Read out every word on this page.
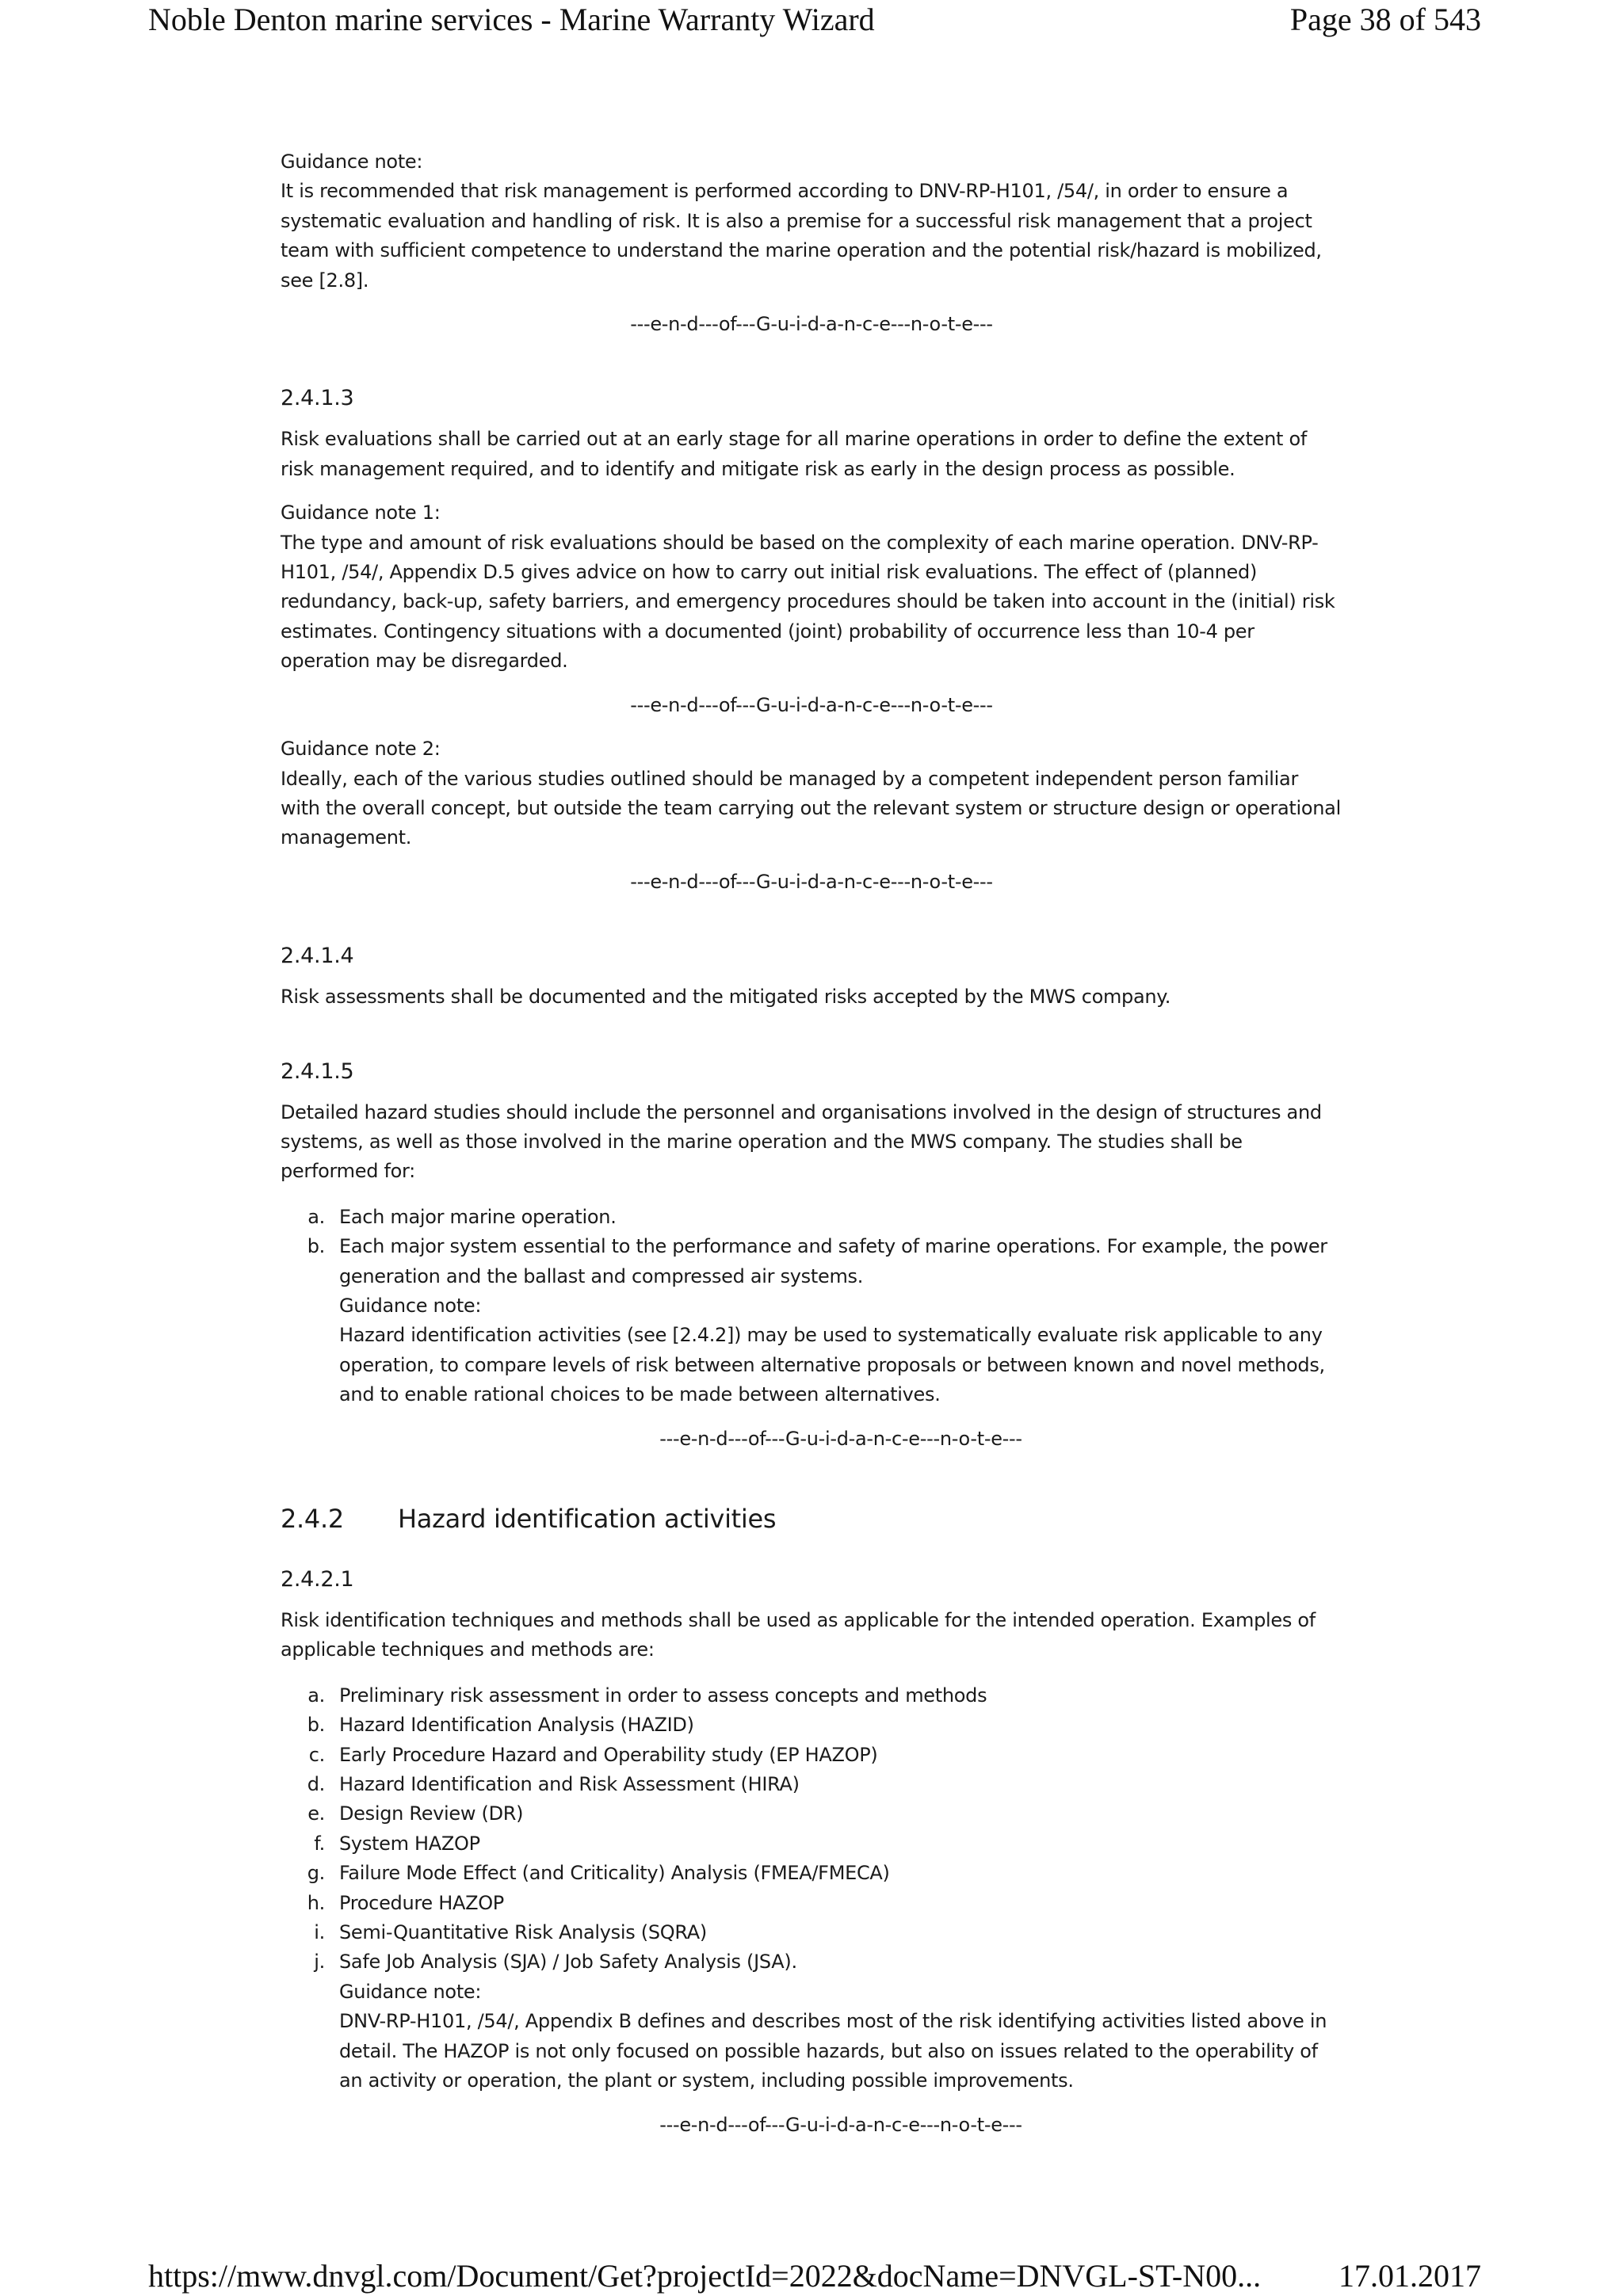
Noble Denton marine services - Marine Warranty Wizard	Page 38 of 543

Guidance note:

It is recommended that risk management is performed according to DNV-RP-H101, /54/, in order to ensure a systematic evaluation and handling of risk. It is also a premise for a successful risk management that a project team with sufficient competence to understand the marine operation and the potential risk/hazard is mobilized, see [2.8].

---e-n-d---of---G-u-i-d-a-n-c-e---n-o-t-e---

2.4.1.3

Risk evaluations shall be carried out at an early stage for all marine operations in order to define the extent of risk management required, and to identify and mitigate risk as early in the design process as possible.

Guidance note 1:

The type and amount of risk evaluations should be based on the complexity of each marine operation. DNV-RP-H101, /54/, Appendix D.5 gives advice on how to carry out initial risk evaluations. The effect of (planned) redundancy, back-up, safety barriers, and emergency procedures should be taken into account in the (initial) risk estimates. Contingency situations with a documented (joint) probability of occurrence less than 10-4 per operation may be disregarded.

---e-n-d---of---G-u-i-d-a-n-c-e---n-o-t-e---

Guidance note 2:

Ideally, each of the various studies outlined should be managed by a competent independent person familiar with the overall concept, but outside the team carrying out the relevant system or structure design or operational management.

---e-n-d---of---G-u-i-d-a-n-c-e---n-o-t-e---

2.4.1.4

Risk assessments shall be documented and the mitigated risks accepted by the MWS company.

2.4.1.5

Detailed hazard studies should include the personnel and organisations involved in the design of structures and systems, as well as those involved in the marine operation and the MWS company. The studies shall be performed for:

a. Each major marine operation.
b. Each major system essential to the performance and safety of marine operations. For example, the power generation and the ballast and compressed air systems.
Guidance note:
Hazard identification activities (see [2.4.2]) may be used to systematically evaluate risk applicable to any operation, to compare levels of risk between alternative proposals or between known and novel methods, and to enable rational choices to be made between alternatives.

---e-n-d---of---G-u-i-d-a-n-c-e---n-o-t-e---

2.4.2	Hazard identification activities

2.4.2.1

Risk identification techniques and methods shall be used as applicable for the intended operation. Examples of applicable techniques and methods are:

a. Preliminary risk assessment in order to assess concepts and methods
b. Hazard Identification Analysis (HAZID)
c. Early Procedure Hazard and Operability study (EP HAZOP)
d. Hazard Identification and Risk Assessment (HIRA)
e. Design Review (DR)
f. System HAZOP
g. Failure Mode Effect (and Criticality) Analysis (FMEA/FMECA)
h. Procedure HAZOP
i. Semi-Quantitative Risk Analysis (SQRA)
j. Safe Job Analysis (SJA) / Job Safety Analysis (JSA).
Guidance note:
DNV-RP-H101, /54/, Appendix B defines and describes most of the risk identifying activities listed above in detail. The HAZOP is not only focused on possible hazards, but also on issues related to the operability of an activity or operation, the plant or system, including possible improvements.

---e-n-d---of---G-u-i-d-a-n-c-e---n-o-t-e---

https://mww.dnvgl.com/Document/Get?projectId=2022&docName=DNVGL-ST-N00... 17.01.2017
